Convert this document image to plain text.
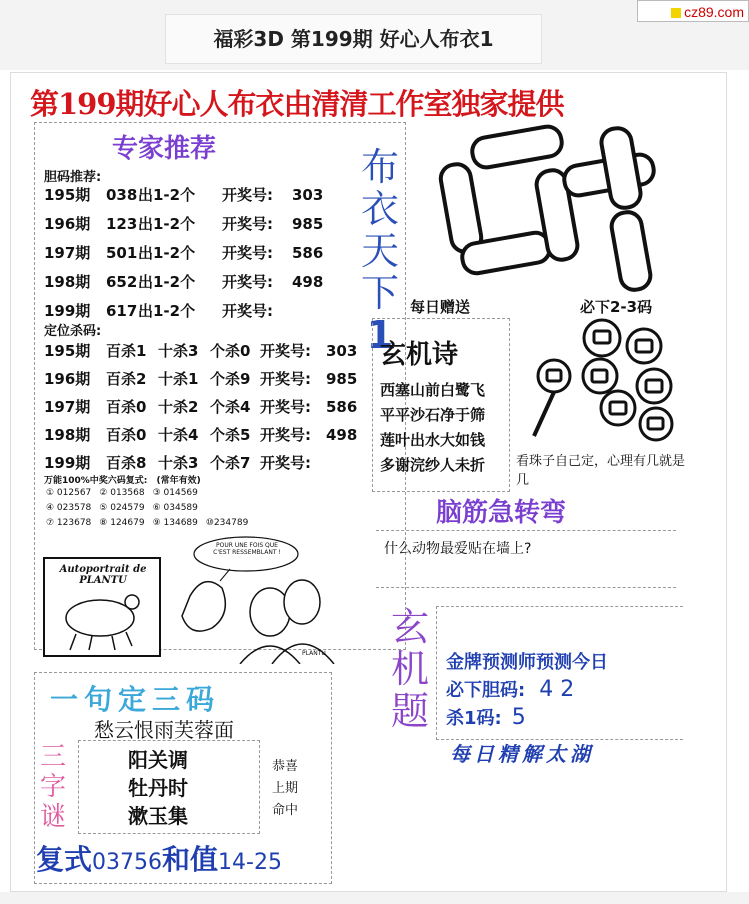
福彩3D 第199期 好心人布衣1
cz89.com
第199期好心人布衣由清清工作室独家提供
专家推荐
胆码推荐:
195期 038出1-2个 开奖号: 303
196期 123出1-2个 开奖号: 985
197期 501出1-2个 开奖号: 586
198期 652出1-2个 开奖号: 498
199期 617出1-2个 开奖号:
定位杀码:
195期 百杀1 十杀3 个杀0 开奖号: 303
196期 百杀2 十杀1 个杀9 开奖号: 985
197期 百杀0 十杀2 个杀4 开奖号: 586
198期 百杀0 十杀4 个杀5 开奖号: 498
199期 百杀8 十杀3 个杀7 开奖号:
万能100%中奖六码复式: (常年有效)
① 012567 ② 013568 ③ 014569
④ 023578 ⑤ 024579 ⑥ 034589
⑦ 123678 ⑧ 124679 ⑨ 134689 ⑩234789
Autoportrait de PLANTU
POUR UNE FOIS QUE C'EST RESSEMBLANT !
PLANTU
布
衣
天
下
1
每日赠送	必下2-3码
玄机诗
西塞山前白鹭飞
平平沙石净于筛
莲叶出水大如钱
多谢浣纱人未折 看珠子自己定，心理有几就是几
脑筋急转弯
什么动物最爱贴在墙上?
一句定三码
愁云恨雨芙蓉面
三
字
谜
阳关调
牡丹时
漱玉集
恭喜
上期
命中
复式03756和值14-25
玄
机
题
金牌预测师预测今日
必下胆码: 4 2
杀1码: 5
每日精解太湖
